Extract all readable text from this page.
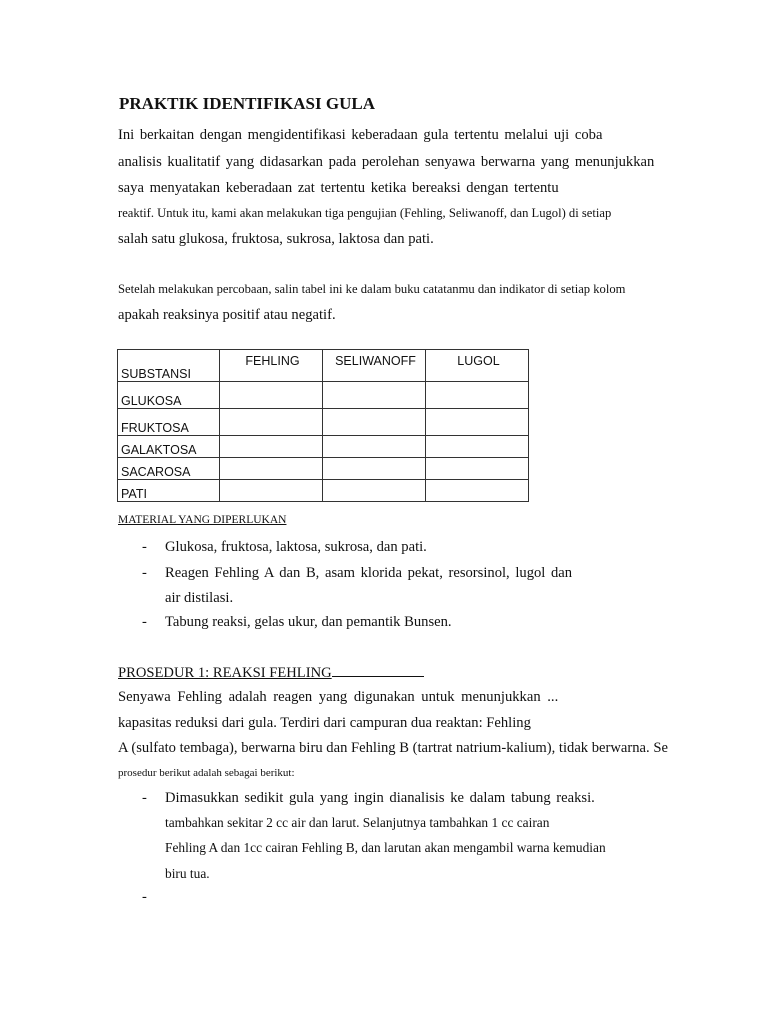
PRAKTIK IDENTIFIKASI GULA
Ini berkaitan dengan mengidentifikasi keberadaan gula tertentu melalui uji coba
analisis kualitatif yang didasarkan pada perolehan senyawa berwarna yang menunjukkan
saya menyatakan keberadaan zat tertentu ketika bereaksi dengan tertentu
reaktif. Untuk itu, kami akan melakukan tiga pengujian (Fehling, Seliwanoff, dan Lugol) di setiap
salah satu glukosa, fruktosa, sukrosa, laktosa dan pati.
Setelah melakukan percobaan, salin tabel ini ke dalam buku catatanmu dan indikator di setiap kolom
apakah reaksinya positif atau negatif.
SUBSTANSI	FEHLING	SELIWANOFF	LUGOL
GLUKOSA			
FRUKTOSA			
GALAKTOSA			
SACAROSA			
PATI			
MATERIAL YANG DIPERLUKAN
- Glukosa, fruktosa, laktosa, sukrosa, dan pati.
- Reagen Fehling A dan B, asam klorida pekat, resorsinol, lugol dan
air distilasi.
- Tabung reaksi, gelas ukur, dan pemantik Bunsen.
PROSEDUR 1: REAKSI FEHLING
Senyawa Fehling adalah reagen yang digunakan untuk menunjukkan ...
kapasitas reduksi dari gula. Terdiri dari campuran dua reaktan: Fehling
A (sulfato tembaga), berwarna biru dan Fehling B (tartrat natrium-kalium), tidak berwarna. Se
prosedur berikut adalah sebagai berikut:
- Dimasukkan sedikit gula yang ingin dianalisis ke dalam tabung reaksi.
tambahkan sekitar 2 cc air dan larut. Selanjutnya tambahkan 1 cc cairan
Fehling A dan 1cc cairan Fehling B, dan larutan akan mengambil warna kemudian
biru tua.
-
